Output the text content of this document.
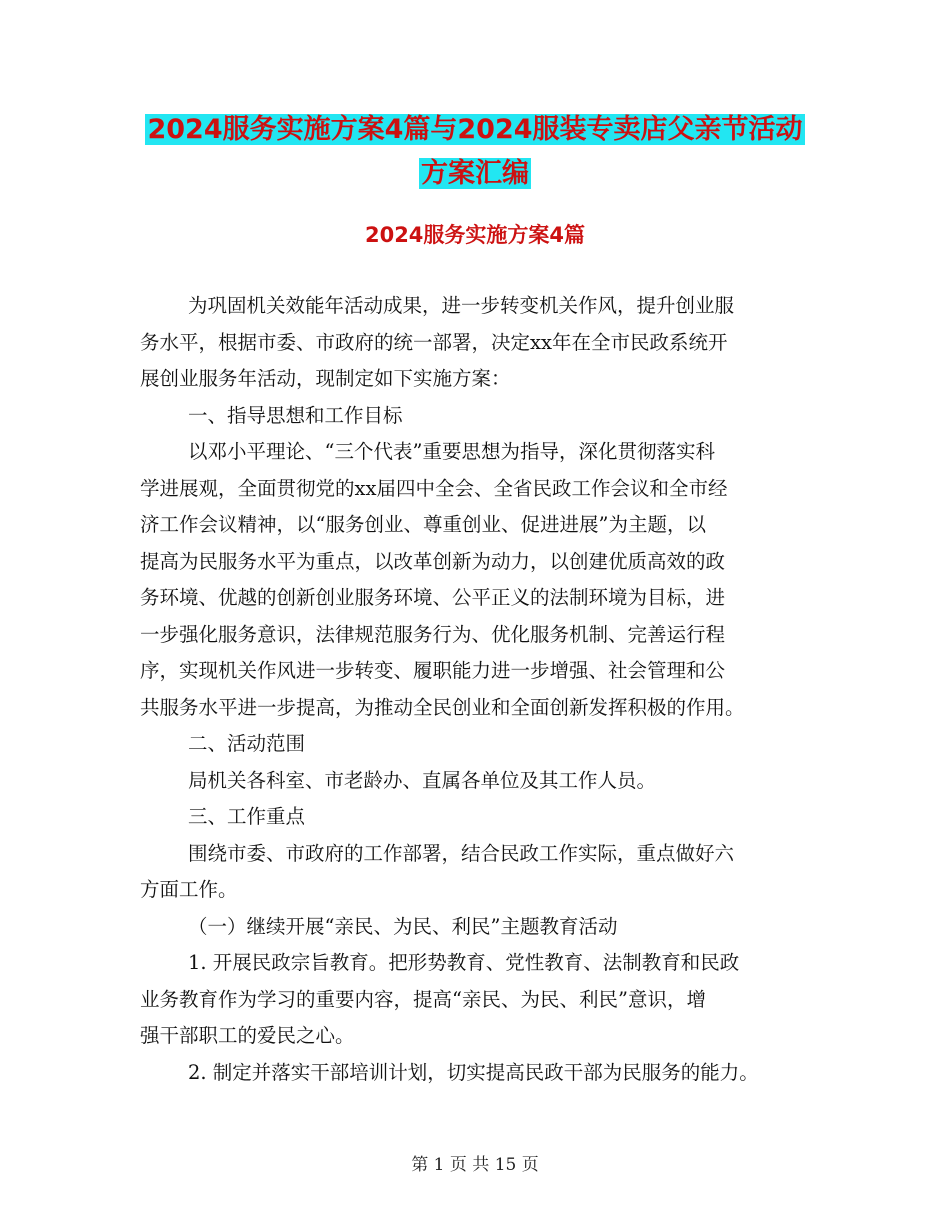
2024服务实施方案4篇与2024服装专卖店父亲节活动
方案汇编
2024服务实施方案4篇
为巩固机关效能年活动成果，进一步转变机关作风，提升创业服
务水平，根据市委、市政府的统一部署，决定xx年在全市民政系统开
展创业服务年活动，现制定如下实施方案：
一、指导思想和工作目标
以邓小平理论、“三个代表”重要思想为指导，深化贯彻落实科
学进展观，全面贯彻党的xx届四中全会、全省民政工作会议和全市经
济工作会议精神，以“服务创业、尊重创业、促进进展”为主题，以
提高为民服务水平为重点，以改革创新为动力，以创建优质高效的政
务环境、优越的创新创业服务环境、公平正义的法制环境为目标，进
一步强化服务意识，法律规范服务行为、优化服务机制、完善运行程
序，实现机关作风进一步转变、履职能力进一步增强、社会管理和公
共服务水平进一步提高，为推动全民创业和全面创新发挥积极的作用。
二、活动范围
局机关各科室、市老龄办、直属各单位及其工作人员。
三、工作重点
围绕市委、市政府的工作部署，结合民政工作实际，重点做好六
方面工作。
（一）继续开展“亲民、为民、利民”主题教育活动
1. 开展民政宗旨教育。把形势教育、党性教育、法制教育和民政
业务教育作为学习的重要内容，提高“亲民、为民、利民”意识，增
强干部职工的爱民之心。
2. 制定并落实干部培训计划，切实提高民政干部为民服务的能力。
第 1 页 共 15 页
